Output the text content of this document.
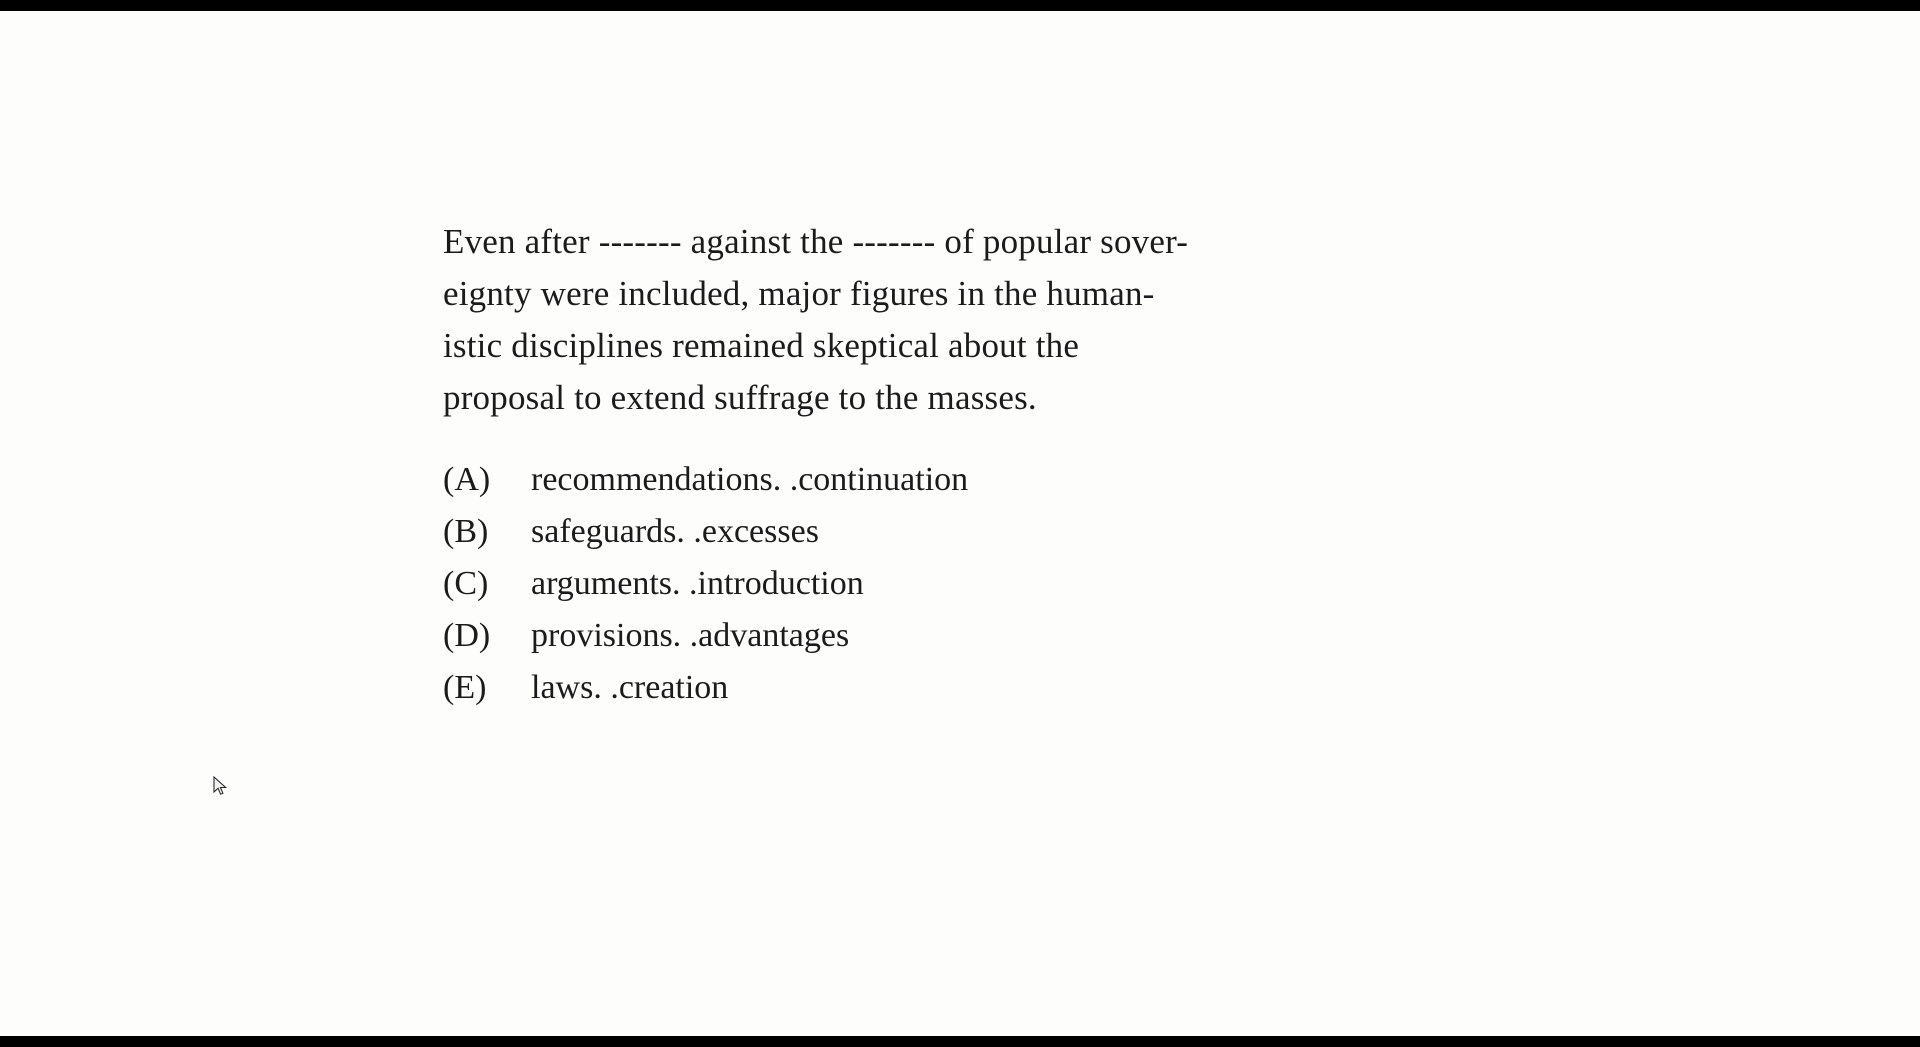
Even after ------- against the ------- of popular sover-
eignty were included, major figures in the human-
istic disciplines remained skeptical about the
proposal to extend suffrage to the masses.
(A)	recommendations. .continuation
(B)	safeguards. .excesses
(C)	arguments. .introduction
(D)	provisions. .advantages
(E)	laws. .creation
